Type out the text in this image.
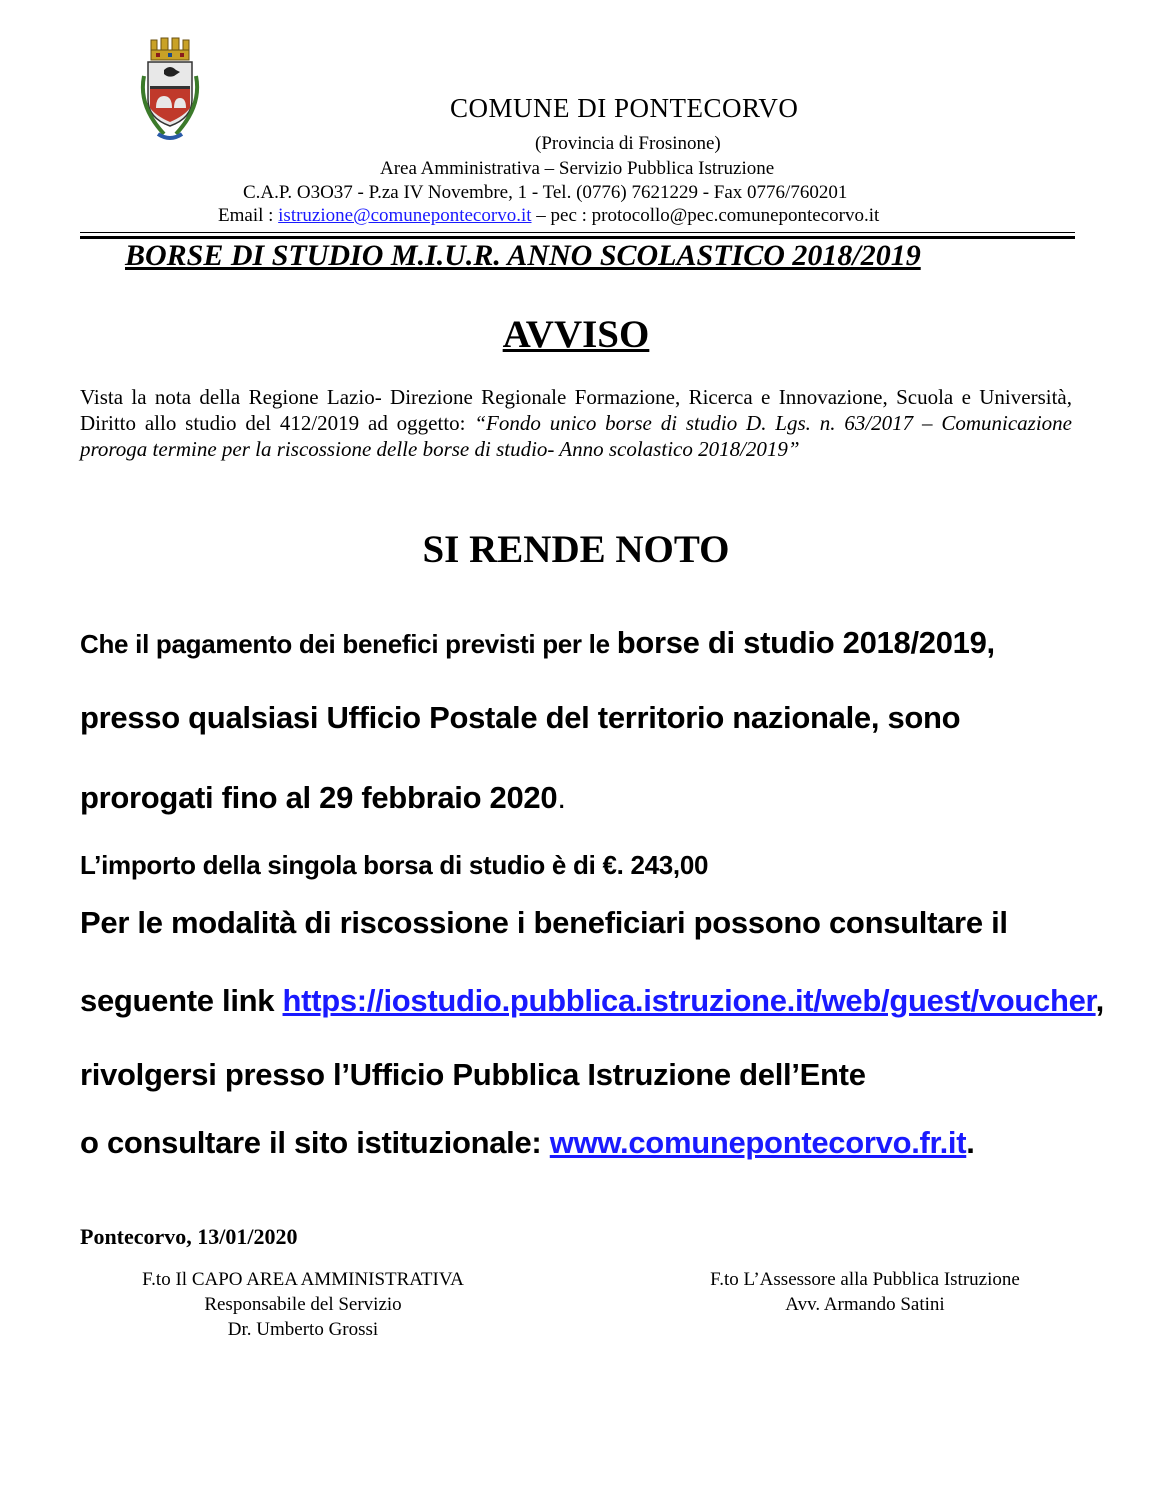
COMUNE DI PONTECORVO
(Provincia di Frosinone)
Area Amministrativa – Servizio Pubblica Istruzione
C.A.P. O3O37 - P.za IV Novembre, 1 - Tel. (0776) 7621229 - Fax 0776/760201
Email : istruzione@comunepontecorvo.it – pec : protocollo@pec.comunepontecorvo.it
BORSE DI STUDIO M.I.U.R. ANNO SCOLASTICO 2018/2019
AVVISO
Vista la nota della Regione Lazio- Direzione Regionale Formazione, Ricerca e Innovazione, Scuola e Università, Diritto allo studio del 412/2019 ad oggetto: “Fondo unico borse di studio D. Lgs. n. 63/2017 – Comunicazione proroga termine per la riscossione delle borse di studio- Anno scolastico 2018/2019”
SI RENDE NOTO
Che il pagamento dei benefici previsti per le borse di studio 2018/2019,
presso qualsiasi Ufficio Postale del territorio nazionale, sono
prorogati fino al 29 febbraio 2020.
L’importo della singola borsa di studio è di €. 243,00
Per le modalità di riscossione i beneficiari possono consultare il
seguente link https://iostudio.pubblica.istruzione.it/web/guest/voucher,
rivolgersi presso l’Ufficio Pubblica Istruzione dell’Ente
o consultare il sito istituzionale: www.comunepontecorvo.fr.it.
Pontecorvo, 13/01/2020
F.to Il CAPO AREA AMMINISTRATIVA
Responsabile del Servizio
Dr. Umberto Grossi
F.to L’Assessore alla Pubblica Istruzione
Avv. Armando Satini
